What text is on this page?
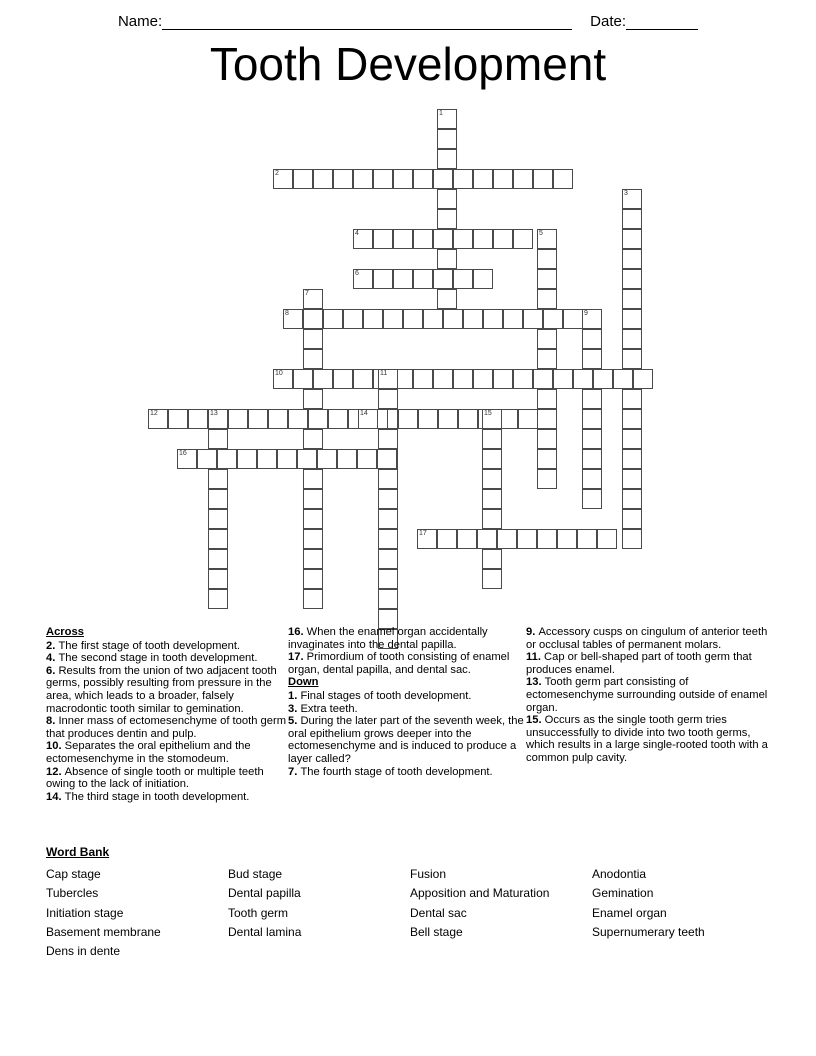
Name:	Date:
Tooth Development
1
2
3
4	5
6
7
8	9
10	11
12	13	14	15
16
17
Across

2. The first stage of tooth development.

4. The second stage in tooth development.

6. Results from the union of two adjacent tooth germs, possibly resulting from pressure in the area, which leads to a broader, falsely macrodontic tooth similar to gemination.

8. Inner mass of ectomesenchyme of tooth germ that produces dentin and pulp.

10. Separates the oral epithelium and the ectomesenchyme in the stomodeum.

12. Absence of single tooth or multiple teeth owing to the lack of initiation.

14. The third stage in tooth development.

16. When the enamel organ accidentally invaginates into the dental papilla.

17. Primordium of tooth consisting of enamel organ, dental papilla, and dental sac.

Down

1. Final stages of tooth development.

3. Extra teeth.

5. During the later part of the seventh week, the oral epithelium grows deeper into the ectomesenchyme and is induced to produce a layer called?

7. The fourth stage of tooth development.

9. Accessory cusps on cingulum of anterior teeth or occlusal tables of permanent molars.

11. Cap or bell-shaped part of tooth germ that produces enamel.

13. Tooth germ part consisting of ectomesenchyme surrounding outside of enamel organ.

15. Occurs as the single tooth germ tries unsuccessfully to divide into two tooth germs, which results in a large single-rooted tooth with a common pulp cavity.

Word Bank
Cap stage
Tubercles
Initiation stage
Basement membrane
Dens in dente
Bud stage
Dental papilla
Tooth germ
Dental lamina
Fusion
Apposition and Maturation
Dental sac
Bell stage
Anodontia
Gemination
Enamel organ
Supernumerary teeth
